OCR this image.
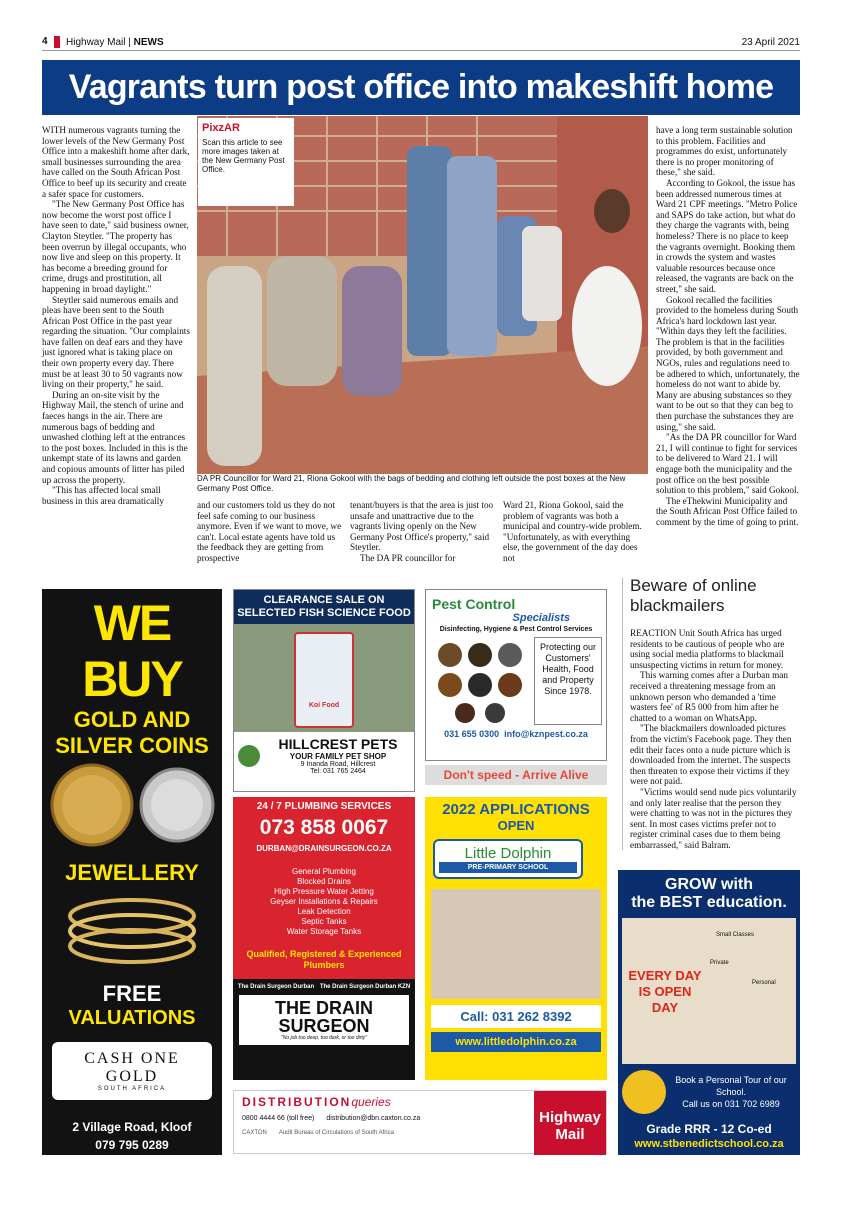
4	Highway Mail | NEWS	23 April 2021
Vagrants turn post office into makeshift home

WITH numerous vagrants turning the lower levels of the New Germany Post Office into a makeshift home after dark, small businesses surrounding the area have called on the South African Post Office to beef up its security and create a safer space for customers.

"The New Germany Post Office has now become the worst post office I have seen to date," said business owner, Clayton Steytler. "The property has been overrun by illegal occupants, who now live and sleep on this property. It has become a breeding ground for crime, drugs and prostitution, all happening in broad daylight."

Steytler said numerous emails and pleas have been sent to the South African Post Office in the past year regarding the situation. "Our complaints have fallen on deaf ears and they have just ignored what is taking place on their own property every day. There must be at least 30 to 50 vagrants now living on their property," he said.

During an on-site visit by the Highway Mail, the stench of urine and faeces hangs in the air. There are numerous bags of bedding and unwashed clothing left at the entrances to the post boxes. Included in this is the unkempt state of its lawns and garden and copious amounts of litter has piled up across the property.

"This has affected local small business in this area dramatically

PixzAR
Scan this article to see more images taken at the New Germany Post Office.
DA PR Councillor for Ward 21, Riona Gokool with the bags of bedding and clothing left outside the post boxes at the New Germany Post Office.

and our customers told us they do not feel safe coming to our business anymore. Even if we want to move, we can't. Local estate agents have told us the feedback they are getting from prospective

tenant/buyers is that the area is just too unsafe and unattractive due to the vagrants living openly on the New Germany Post Office's property," said Steytler.

The DA PR councillor for

Ward 21, Riona Gokool, said the problem of vagrants was both a municipal and country-wide problem. "Unfortunately, as with everything else, the government of the day does not

have a long term sustainable solution to this problem. Facilities and programmes do exist, unfortunately there is no proper monitoring of these," she said.

According to Gokool, the issue has been addressed numerous times at Ward 21 CPF meetings. "Metro Police and SAPS do take action, but what do they charge the vagrants with, being homeless? There is no place to keep the vagrants overnight. Booking them in crowds the system and wastes valuable resources because once released, the vagrants are back on the street," she said.

Gokool recalled the facilities provided to the homeless during South Africa's hard lockdown last year. "Within days they left the facilities. The problem is that in the facilities provided, by both government and NGOs, rules and regulations need to be adhered to which, unfortunately, the homeless do not want to abide by. Many are abusing substances so they want to be out so that they can beg to then purchase the substances they are using," she said.

"As the DA PR councillor for Ward 21, I will continue to fight for services to be delivered to Ward 21. I will engage both the municipality and the post office on the best possible solution to this problem," said Gokool.

The eThekwini Municipality and the South African Post Office failed to comment by the time of going to print.

Beware of online blackmailers

REACTION Unit South Africa has urged residents to be cautious of people who are using social media platforms to blackmail unsuspecting victims in return for money.

This warning comes after a Durban man received a threatening message from an unknown person who demanded a 'time wasters fee' of R5 000 from him after he chatted to a woman on WhatsApp.

"The blackmailers downloaded pictures from the victim's Facebook page. They then edit their faces onto a nude picture which is downloaded from the internet. The suspects then threaten to expose their victims if they were not paid.

"Victims would send nude pics voluntarily and only later realise that the person they were chatting to was not in the pictures they sent. In most cases victims prefer not to register criminal cases due to them being embarrassed," said Balram.

WE BUY
GOLD AND SILVER COINS
JEWELLERY
FREE
VALUATIONS
CASH ONE GOLD
SOUTH AFRICA
2 Village Road, Kloof
079 795 0289
Sales@cash1gold.com
OPEN
Monday - Friday
08:00-15:30
CLEARANCE SALE ON
SELECTED FISH SCIENCE FOOD
Koi Food
HILLCREST PETS
YOUR FAMILY PET SHOP
9 Inanda Road, Hillcrest
Tel: 031 765 2464
Pest Control
Specialists
Disinfecting, Hygiene & Pest Control Services
Protecting our Customers' Health, Food and Property Since 1978.
031 655 0300 info@kznpest.co.za
Don't speed - Arrive Alive
24 / 7 PLUMBING SERVICES
073 858 0067
DURBAN@DRAINSURGEON.CO.ZA
General Plumbing
Blocked Drains
High Pressure Water Jetting
Geyser Installations & Repairs
Leak Detection
Septic Tanks
Water Storage Tanks
Qualified, Registered & Experienced Plumbers
The Drain Surgeon Durban The Drain Surgeon Durban KZN
THE DRAIN
SURGEON
"No job too deep, too dark, or too dirty"
2022 APPLICATIONS
OPEN
Little Dolphin
PRE-PRIMARY SCHOOL
Call: 031 262 8392
www.littledolphin.co.za
DISTRIBUTIONqueries
0800 4444 66 (toll free) distribution@dbn.caxton.co.za
CAXTON Audit Bureau of Circulations of South Africa
Highway Mail
GROW with
the BEST education.
EVERY DAY IS OPEN DAY
Small Classes
Private
Personal
Book a Personal Tour of our School.
Call us on 031 702 6989
Grade RRR - 12 Co-ed
www.stbenedictschool.co.za
